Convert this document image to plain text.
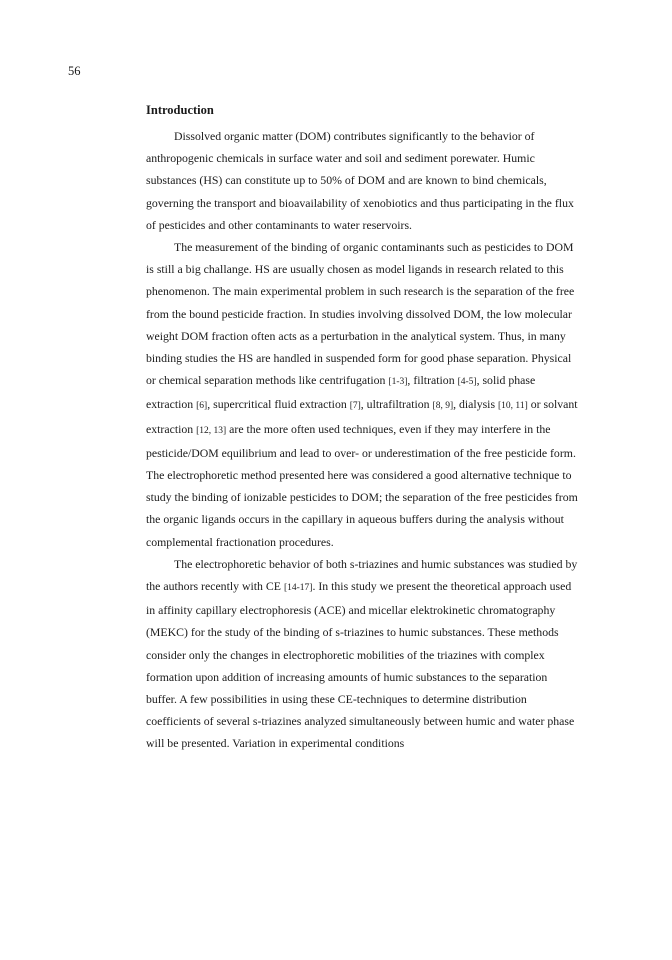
56
Introduction

Dissolved organic matter (DOM) contributes significantly to the behavior of anthropogenic chemicals in surface water and soil and sediment porewater. Humic substances (HS) can constitute up to 50% of DOM and are known to bind chemicals, governing the transport and bioavailability of xenobiotics and thus participating in the flux of pesticides and other contaminants to water reservoirs.

The measurement of the binding of organic contaminants such as pesticides to DOM is still a big challange. HS are usually chosen as model ligands in research related to this phenomenon. The main experimental problem in such research is the separation of the free from the bound pesticide fraction. In studies involving dissolved DOM, the low molecular weight DOM fraction often acts as a perturbation in the analytical system. Thus, in many binding studies the HS are handled in suspended form for good phase separation. Physical or chemical separation methods like centrifugation [1-3], filtration [4-5], solid phase extraction [6], supercritical fluid extraction [7], ultrafiltration [8, 9], dialysis [10, 11] or solvant extraction [12, 13] are the more often used techniques, even if they may interfere in the pesticide/DOM equilibrium and lead to over- or underestimation of the free pesticide form. The electrophoretic method presented here was considered a good alternative technique to study the binding of ionizable pesticides to DOM; the separation of the free pesticides from the organic ligands occurs in the capillary in aqueous buffers during the analysis without complemental fractionation procedures.

The electrophoretic behavior of both s-triazines and humic substances was studied by the authors recently with CE [14-17]. In this study we present the theoretical approach used in affinity capillary electrophoresis (ACE) and micellar elektrokinetic chromatography (MEKC) for the study of the binding of s-triazines to humic substances. These methods consider only the changes in electrophoretic mobilities of the triazines with complex formation upon addition of increasing amounts of humic substances to the separation buffer. A few possibilities in using these CE-techniques to determine distribution coefficients of several s-triazines analyzed simultaneously between humic and water phase will be presented. Variation in experimental conditions
